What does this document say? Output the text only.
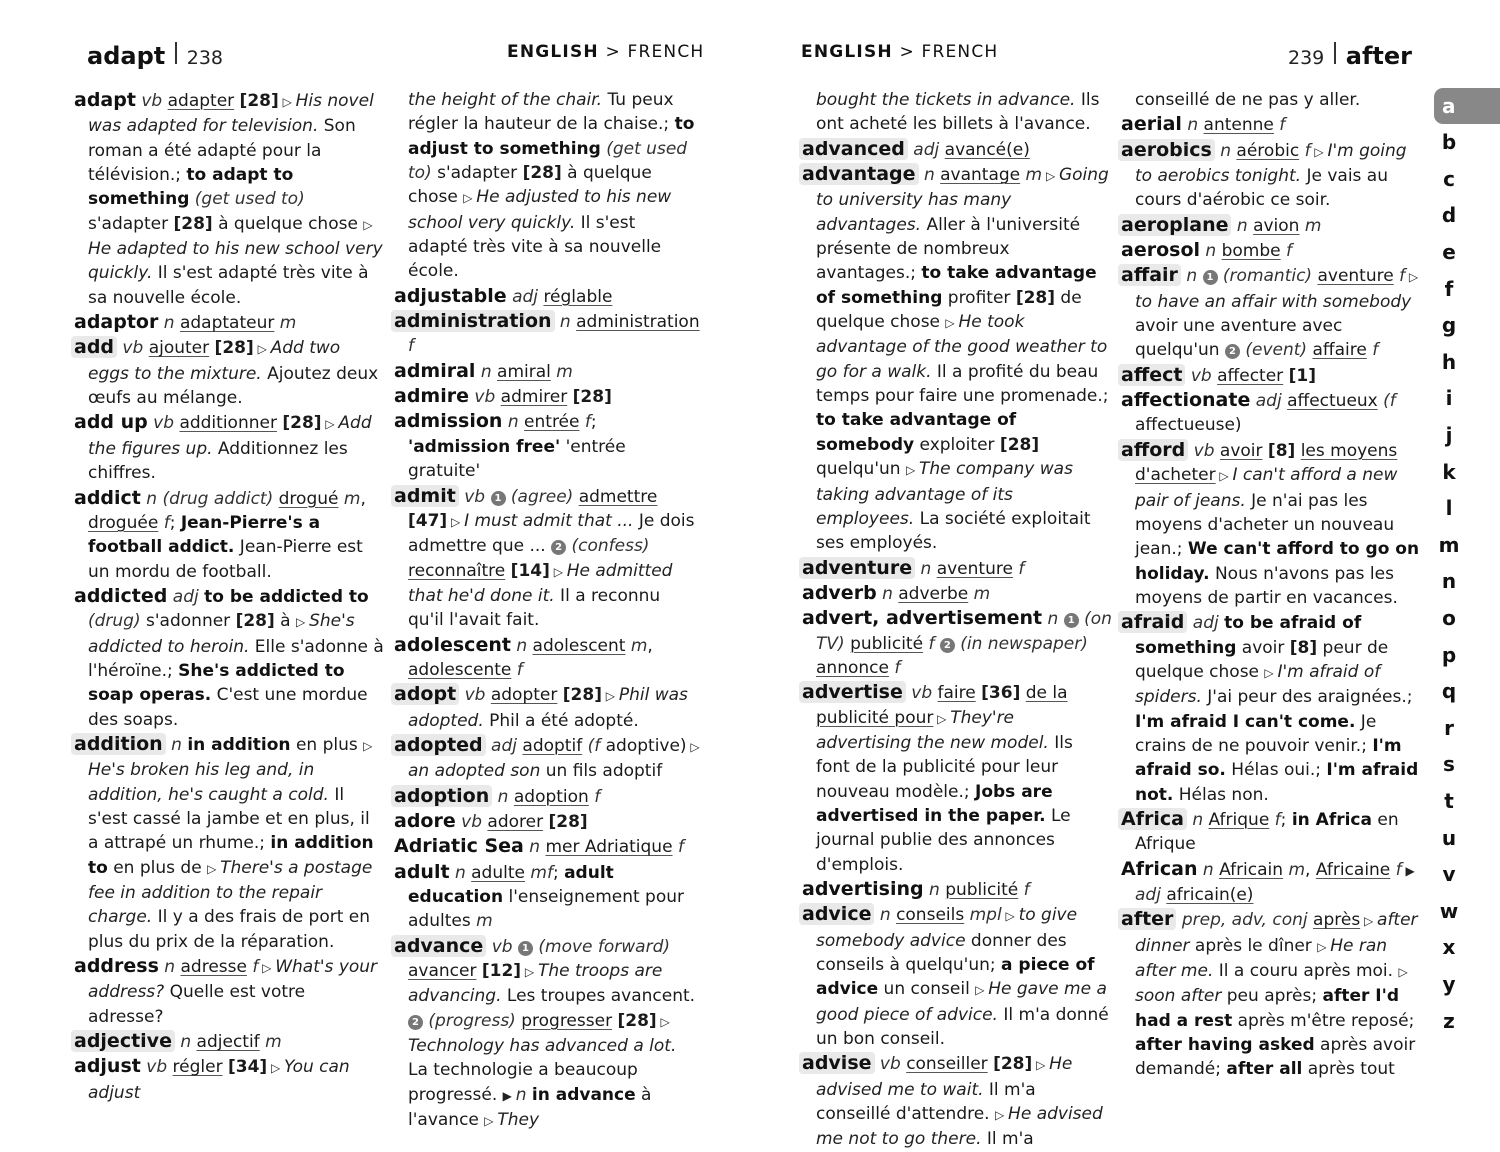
adapt 238	ENGLISH
>
FRENCH	ENGLISH
>
FRENCH	239 after

adapt vb adapter [28] ▷ His novel was adapted for television. Son roman a été adapté pour la télévision.; to adapt to something (get used to) s'adapter [28] à quelque chose ▷ He adapted to his new school very quickly. Il s'est adapté très vite à sa nouvelle école.

adaptor n adaptateur m

add vb ajouter [28] ▷ Add two eggs to the mixture. Ajoutez deux œufs au mélange.

add up vb additionner [28] ▷ Add the figures up. Additionnez les chiffres.

addict n (drug addict) drogué m, droguée f; Jean-Pierre's a football addict. Jean-Pierre est un mordu de football.

addicted adj to be addicted to (drug) s'adonner [28] à ▷ She's addicted to heroin. Elle s'adonne à l'héroïne.; She's addicted to soap operas. C'est une mordue des soaps.

addition n in addition en plus ▷ He's broken his leg and, in addition, he's caught a cold. Il s'est cassé la jambe et en plus, il a attrapé un rhume.; in addition to en plus de ▷ There's a postage fee in addition to the repair charge. Il y a des frais de port en plus du prix de la réparation.

address n adresse f ▷ What's your address? Quelle est votre adresse?

adjective n adjectif m

adjust vb régler [34] ▷ You can adjust

the height of the chair. Tu peux régler la hauteur de la chaise.; to adjust to something (get used to) s'adapter [28] à quelque chose ▷ He adjusted to his new school very quickly. Il s'est adapté très vite à sa nouvelle école.

adjustable adj réglable

administration n administration f

admiral n amiral m

admire vb admirer [28]

admission n entrée f; 'admission free' 'entrée gratuite'

admit vb 1 (agree) admettre [47] ▷ I must admit that ... Je dois admettre que ... 2 (confess) reconnaître [14] ▷ He admitted that he'd done it. Il a reconnu qu'il l'avait fait.

adolescent n adolescent m, adolescente f

adopt vb adopter [28] ▷ Phil was adopted. Phil a été adopté.

adopted adj adoptif (f adoptive) ▷ an adopted son un fils adoptif

adoption n adoption f

adore vb adorer [28]

Adriatic Sea n mer Adriatique f

adult n adulte mf; adult education l'enseignement pour adultes m

advance vb 1 (move forward) avancer [12] ▷ The troops are advancing. Les troupes avancent. 2 (progress) progresser [28] ▷ Technology has advanced a lot. La technologie a beaucoup progressé. ▶ n in advance à l'avance ▷ They

bought the tickets in advance. Ils ont acheté les billets à l'avance.

advanced adj avancé(e)

advantage n avantage m ▷ Going to university has many advantages. Aller à l'université présente de nombreux avantages.; to take advantage of something profiter [28] de quelque chose ▷ He took advantage of the good weather to go for a walk. Il a profité du beau temps pour faire une promenade.; to take advantage of somebody exploiter [28] quelqu'un ▷ The company was taking advantage of its employees. La société exploitait ses employés.

adventure n aventure f

adverb n adverbe m

advert, advertisement n 1 (on TV) publicité f 2 (in newspaper) annonce f

advertise vb faire [36] de la publicité pour ▷ They're advertising the new model. Ils font de la publicité pour leur nouveau modèle.; Jobs are advertised in the paper. Le journal publie des annonces d'emplois.

advertising n publicité f

advice n conseils mpl ▷ to give somebody advice donner des conseils à quelqu'un; a piece of advice un conseil ▷ He gave me a good piece of advice. Il m'a donné un bon conseil.

advise vb conseiller [28] ▷ He advised me to wait. Il m'a conseillé d'attendre. ▷ He advised me not to go there. Il m'a

conseillé de ne pas y aller.

aerial n antenne f

aerobics n aérobic f ▷ I'm going to aerobics tonight. Je vais au cours d'aérobic ce soir.

aeroplane n avion m

aerosol n bombe f

affair n 1 (romantic) aventure f ▷ to have an affair with somebody avoir une aventure avec quelqu'un 2 (event) affaire f

affect vb affecter [1]

affectionate adj affectueux (f affectueuse)

afford vb avoir [8] les moyens d'acheter ▷ I can't afford a new pair of jeans. Je n'ai pas les moyens d'acheter un nouveau jean.; We can't afford to go on holiday. Nous n'avons pas les moyens de partir en vacances.

afraid adj to be afraid of something avoir [8] peur de quelque chose ▷ I'm afraid of spiders. J'ai peur des araignées.; I'm afraid I can't come. Je crains de ne pouvoir venir.; I'm afraid so. Hélas oui.; I'm afraid not. Hélas non.

Africa n Afrique f; in Africa en Afrique

African n Africain m, Africaine f ▶ adj africain(e)

after prep, adv, conj après ▷ after dinner après le dîner ▷ He ran after me. Il a couru après moi. ▷ soon after peu après; after I'd had a rest après m'être reposé; after having asked après avoir demandé; after all après tout

a
b
c
d
e
f
g
h
i
j
k
l
m
n
o
p
q
r
s
t
u
v
w
x
y
z
